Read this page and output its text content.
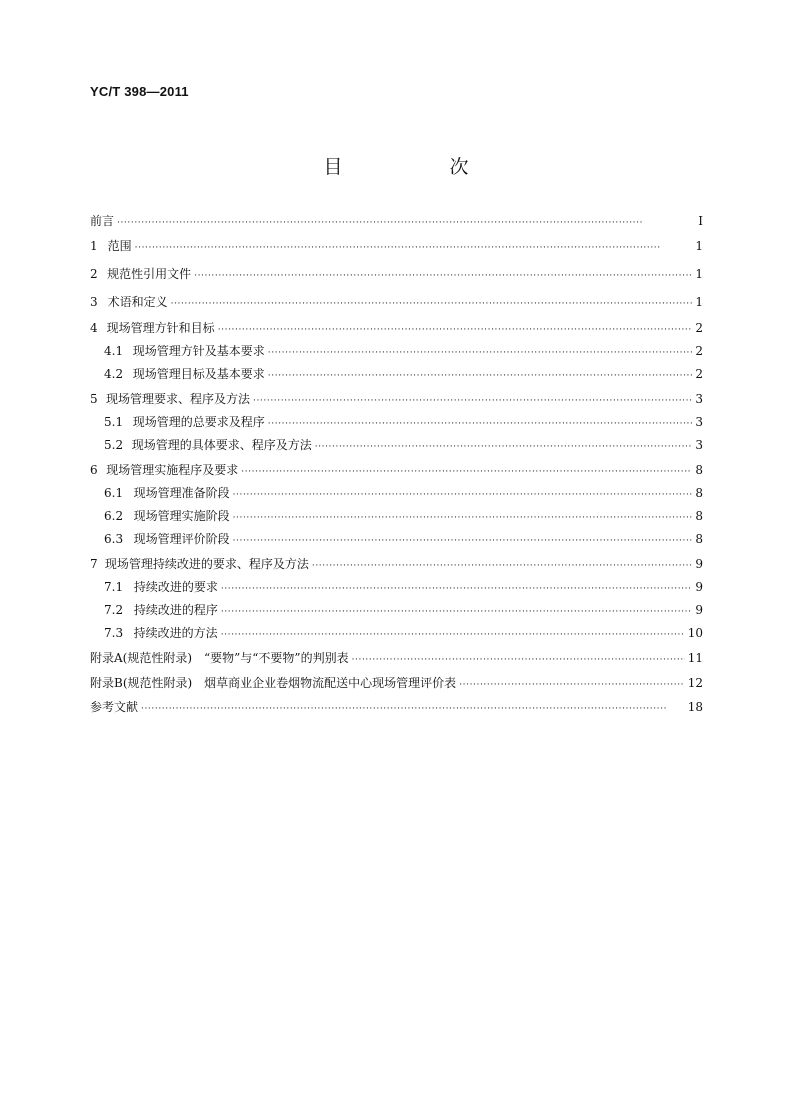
YC/T 398—2011
目　次
前言 ·····	Ⅰ
1 范围 ·····	1
2 规范性引用文件 ·····	1
3 术语和定义 ·····	1
4 现场管理方针和目标 ·····	2
4.1 现场管理方针及基本要求 ·····	2
4.2 现场管理目标及基本要求 ·····	2
5 现场管理要求、程序及方法 ·····	3
5.1 现场管理的总要求及程序 ·····	3
5.2 现场管理的具体要求、程序及方法 ·····	3
6 现场管理实施程序及要求 ·····	8
6.1 现场管理准备阶段 ·····	8
6.2 现场管理实施阶段 ·····	8
6.3 现场管理评价阶段 ·····	8
7 现场管理持续改进的要求、程序及方法 ·····	9
7.1 持续改进的要求 ·····	9
7.2 持续改进的程序 ·····	9
7.3 持续改进的方法 ·····	10
附录A(规范性附录)　“要物”与“不要物”的判别表 ·····	11
附录B(规范性附录)　烟草商业企业卷烟物流配送中心现场管理评价表 ·····	12
参考文献 ·····	18
